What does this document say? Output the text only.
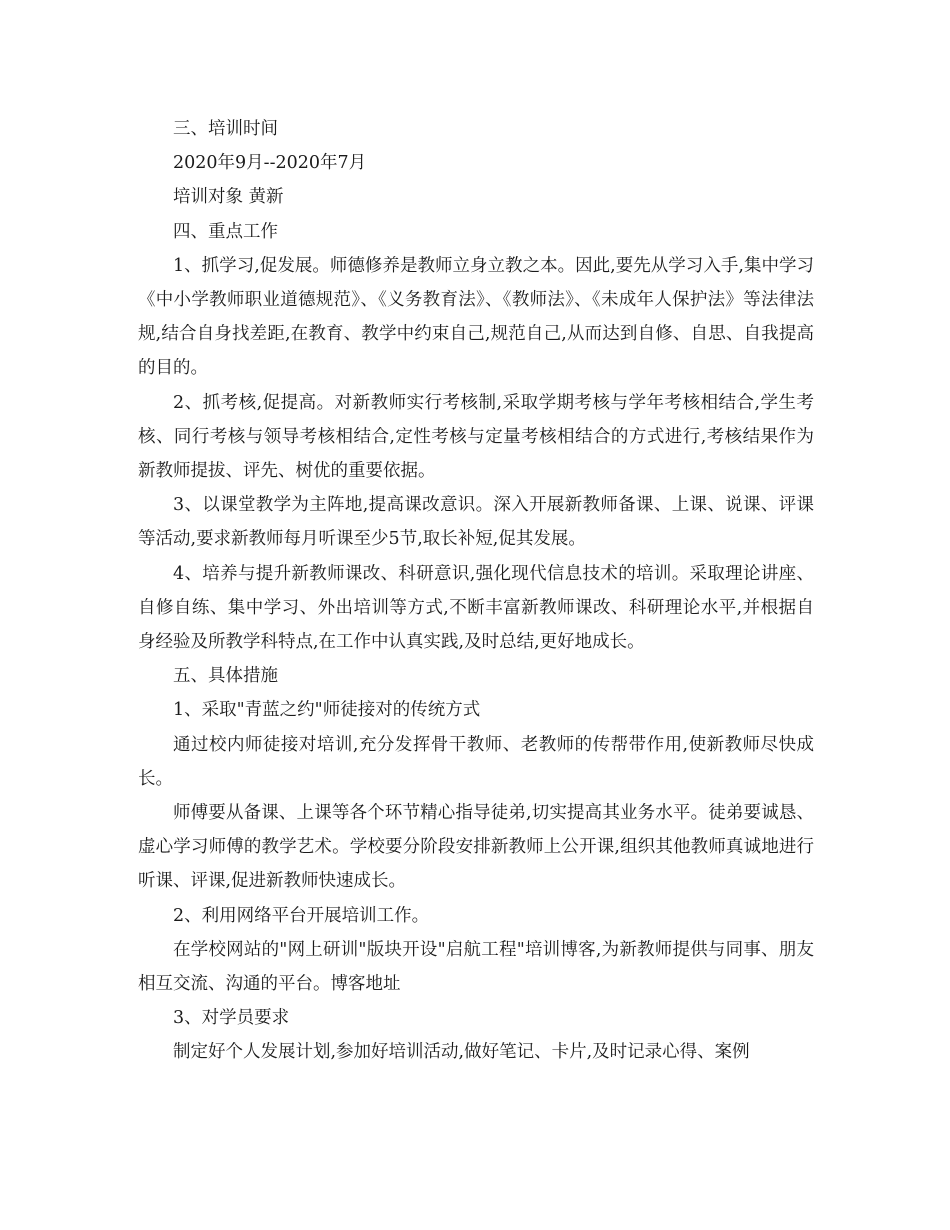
三、培训时间

2020年9月--2020年7月

培训对象 黄新

四、重点工作

1、抓学习,促发展。师德修养是教师立身立教之本。因此,要先从学习入手,集中学习《中小学教师职业道德规范》、《义务教育法》、《教师法》、《未成年人保护法》等法律法规,结合自身找差距,在教育、教学中约束自己,规范自己,从而达到自修、自思、自我提高的目的。

2、抓考核,促提高。对新教师实行考核制,采取学期考核与学年考核相结合,学生考核、同行考核与领导考核相结合,定性考核与定量考核相结合的方式进行,考核结果作为新教师提拔、评先、树优的重要依据。

3、以课堂教学为主阵地,提高课改意识。深入开展新教师备课、上课、说课、评课等活动,要求新教师每月听课至少5节,取长补短,促其发展。

4、培养与提升新教师课改、科研意识,强化现代信息技术的培训。采取理论讲座、自修自练、集中学习、外出培训等方式,不断丰富新教师课改、科研理论水平,并根据自身经验及所教学科特点,在工作中认真实践,及时总结,更好地成长。

五、具体措施

1、采取"青蓝之约"师徒接对的传统方式

通过校内师徒接对培训,充分发挥骨干教师、老教师的传帮带作用,使新教师尽快成长。

师傅要从备课、上课等各个环节精心指导徒弟,切实提高其业务水平。徒弟要诚恳、虚心学习师傅的教学艺术。学校要分阶段安排新教师上公开课,组织其他教师真诚地进行听课、评课,促进新教师快速成长。

2、利用网络平台开展培训工作。

在学校网站的"网上研训"版块开设"启航工程"培训博客,为新教师提供与同事、朋友相互交流、沟通的平台。博客地址

3、对学员要求

制定好个人发展计划,参加好培训活动,做好笔记、卡片,及时记录心得、案例
